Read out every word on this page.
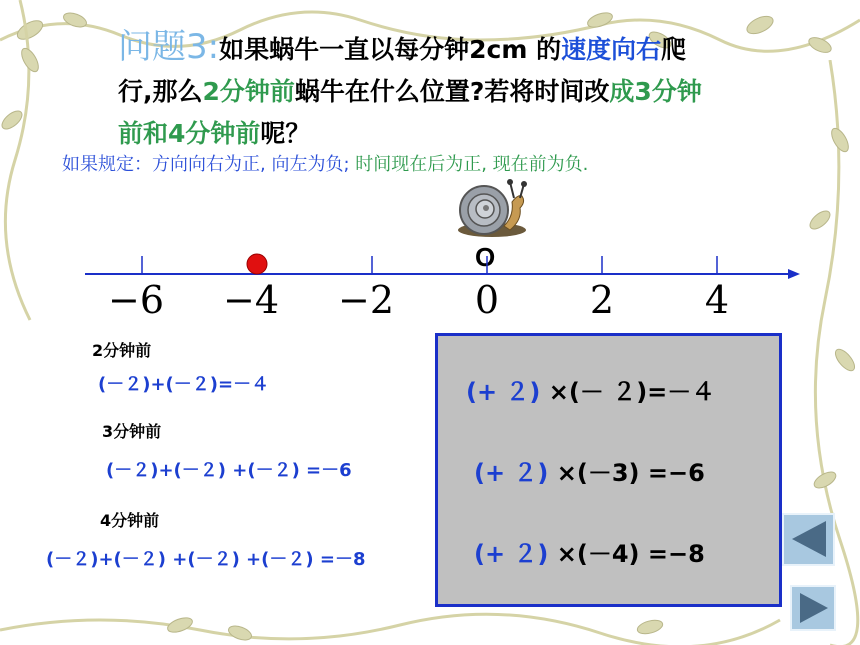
问题3:如果蜗牛一直以每分钟2cm 的速度向右爬
行,那么2分钟前蜗牛在什么位置?若将时间改成3分钟
前和4分钟前呢？
如果规定：方向向右为正, 向左为负; 时间现在后为正, 现在前为负.
O
−6 −4 −2 0 2 4
2分钟前
(－２)+(－２)=－４
3分钟前
(－２)+(－２) +(－２) =－6
4分钟前
(－２)+(－２) +(－２) +(－２) =－8
(+ ２) ×(－ ２)=－４
(+ ２) ×(－3) =−6
(+ ２) ×(－4) =−8
